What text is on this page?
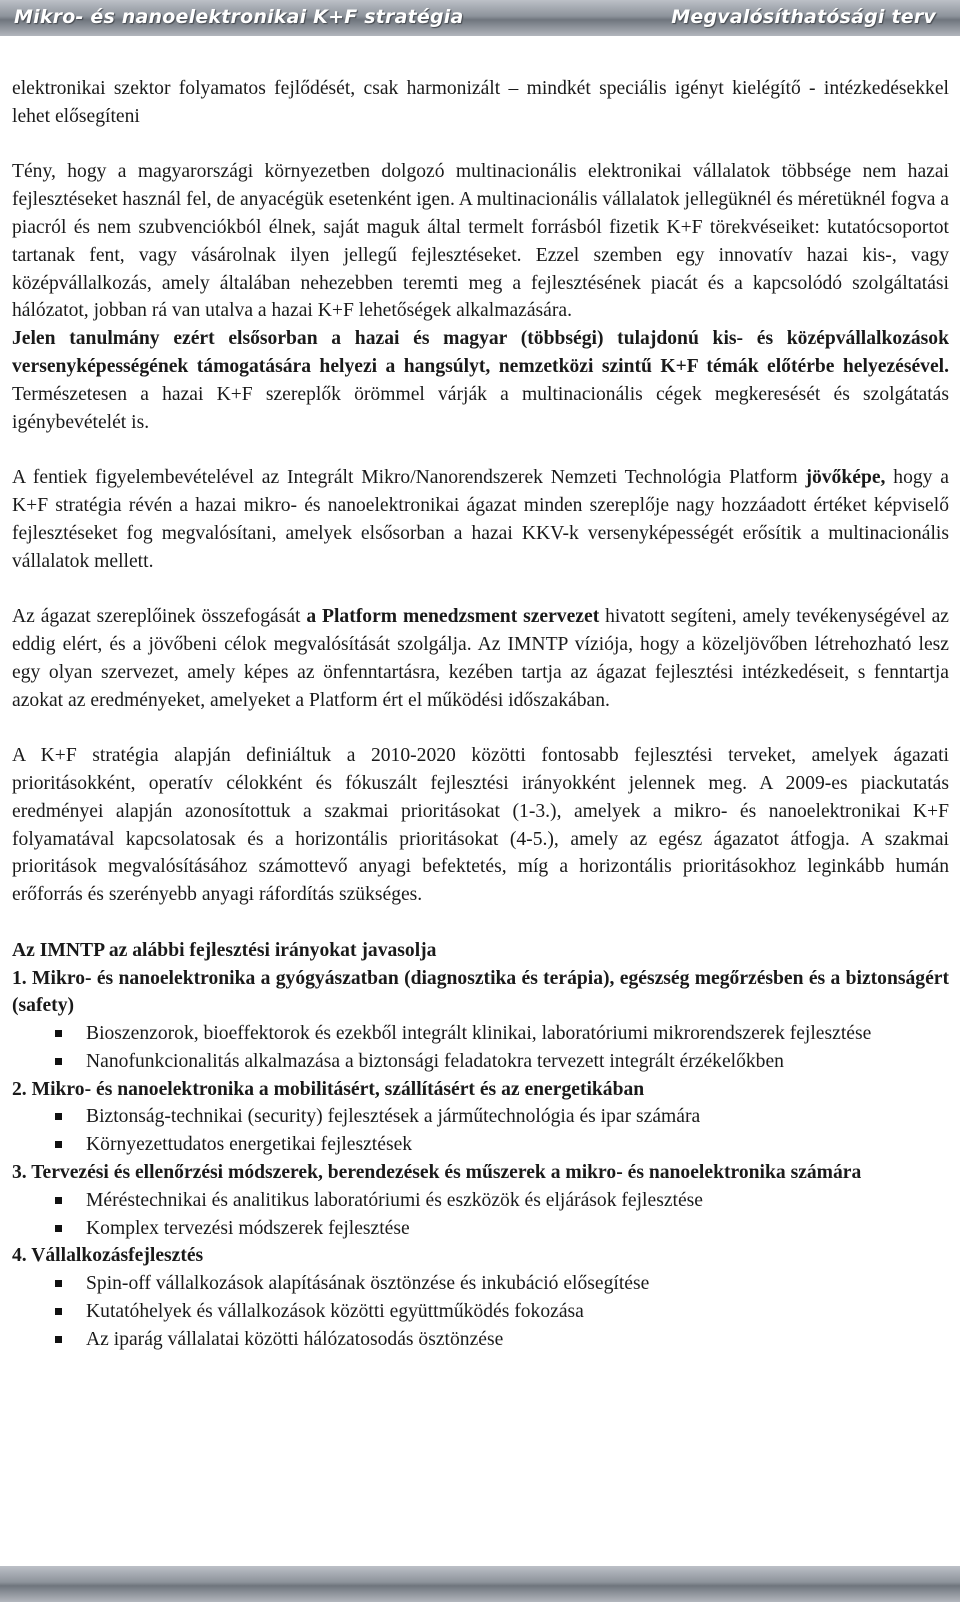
Mikro- és nanoelektronikai K+F stratégia	Megvalósíthatósági terv

elektronikai szektor folyamatos fejlődését, csak harmonizált – mindkét speciális igényt kielégítő - intézkedésekkel lehet elősegíteni

Tény, hogy a magyarországi környezetben dolgozó multinacionális elektronikai vállalatok többsége nem hazai fejlesztéseket használ fel, de anyacégük esetenként igen. A multinacionális vállalatok jellegüknél és méretüknél fogva a piacról és nem szubvenciókból élnek, saját maguk által termelt forrásból fizetik K+F törekvéseiket: kutatócsoportot tartanak fent, vagy vásárolnak ilyen jellegű fejlesztéseket. Ezzel szemben egy innovatív hazai kis-, vagy középvállalkozás, amely általában nehezebben teremti meg a fejlesztésének piacát és a kapcsolódó szolgáltatási hálózatot, jobban rá van utalva a hazai K+F lehetőségek alkalmazására.
Jelen tanulmány ezért elsősorban a hazai és magyar (többségi) tulajdonú kis- és középvállalkozások versenyképességének támogatására helyezi a hangsúlyt, nemzetközi szintű K+F témák előtérbe helyezésével. Természetesen a hazai K+F szereplők örömmel várják a multinacionális cégek megkeresését és szolgátatás igénybevételét is.

A fentiek figyelembevételével az Integrált Mikro/Nanorendszerek Nemzeti Technológia Platform jövőképe, hogy a K+F stratégia révén a hazai mikro- és nanoelektronikai ágazat minden szereplője nagy hozzáadott értéket képviselő fejlesztéseket fog megvalósítani, amelyek elsősorban a hazai KKV-k versenyképességét erősítik a multinacionális vállalatok mellett.

Az ágazat szereplőinek összefogását a Platform menedzsment szervezet hivatott segíteni, amely tevékenységével az eddig elért, és a jövőbeni célok megvalósítását szolgálja. Az IMNTP víziója, hogy a közeljövőben létrehozható lesz egy olyan szervezet, amely képes az önfenntartásra, kezében tartja az ágazat fejlesztési intézkedéseit, s fenntartja azokat az eredményeket, amelyeket a Platform ért el működési időszakában.

A K+F stratégia alapján definiáltuk a 2010-2020 közötti fontosabb fejlesztési terveket, amelyek ágazati prioritásokként, operatív célokként és fókuszált fejlesztési irányokként jelennek meg. A 2009-es piackutatás eredményei alapján azonosítottuk a szakmai prioritásokat (1-3.), amelyek a mikro- és nanoelektronikai K+F folyamatával kapcsolatosak és a horizontális prioritásokat (4-5.), amely az egész ágazatot átfogja. A szakmai prioritások megvalósításához számottevő anyagi befektetés, míg a horizontális prioritásokhoz leginkább humán erőforrás és szerényebb anyagi ráfordítás szükséges.

Az IMNTP az alábbi fejlesztési irányokat javasolja

1. Mikro- és nanoelektronika a gyógyászatban (diagnosztika és terápia), egészség megőrzésben és a biztonságért (safety)

Bioszenzorok, bioeffektorok és ezekből integrált klinikai, laboratóriumi mikrorendszerek fejlesztése
Nanofunkcionalitás alkalmazása a biztonsági feladatokra tervezett integrált érzékelőkben

2. Mikro- és nanoelektronika a mobilitásért, szállításért és az energetikában

Biztonság-technikai (security) fejlesztések a járműtechnológia és ipar számára
Környezettudatos energetikai fejlesztések

3. Tervezési és ellenőrzési módszerek, berendezések és műszerek a mikro- és nanoelektronika számára

Méréstechnikai és analitikus laboratóriumi és eszközök és eljárások fejlesztése
Komplex tervezési módszerek fejlesztése

4. Vállalkozásfejlesztés

Spin-off vállalkozások alapításának ösztönzése és inkubáció elősegítése
Kutatóhelyek és vállalkozások közötti együttműködés fokozása
Az iparág vállalatai közötti hálózatosodás ösztönzése
